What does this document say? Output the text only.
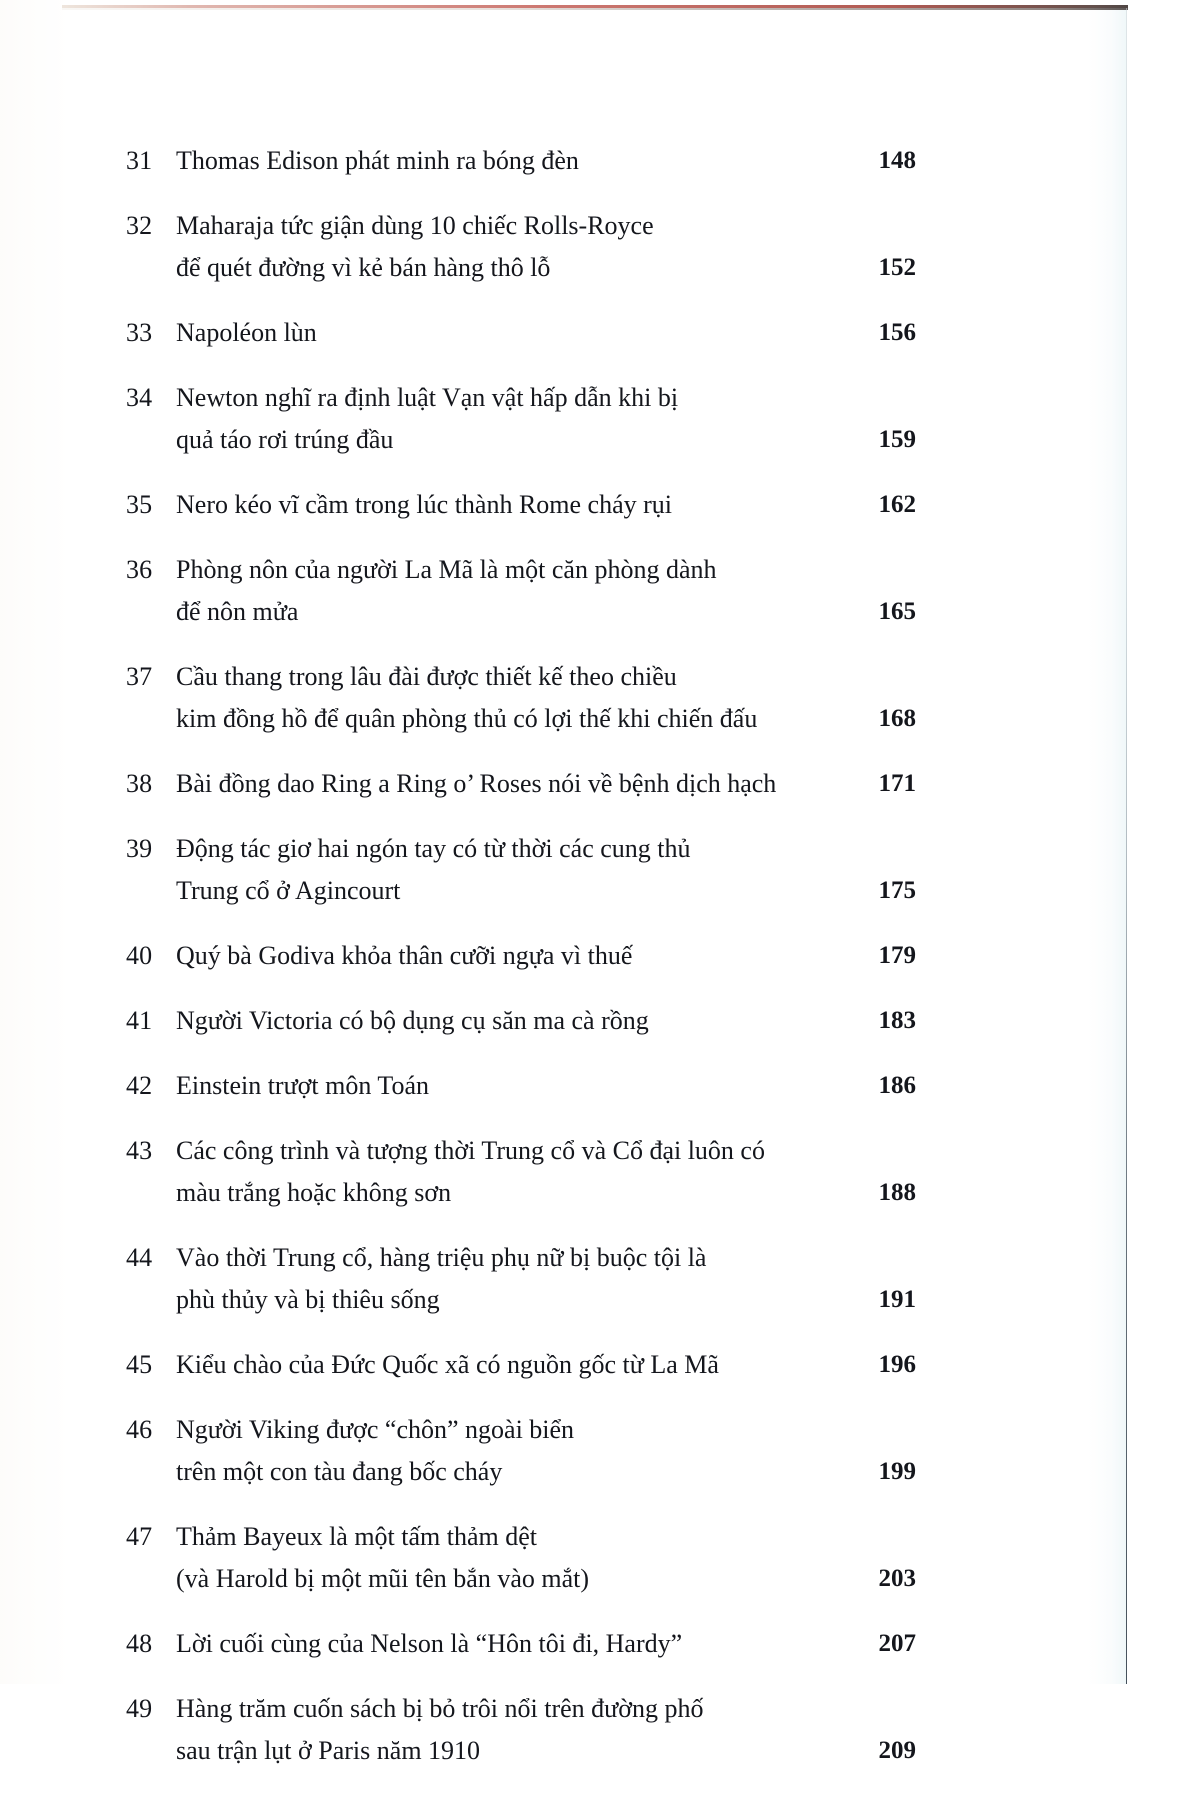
31 Thomas Edison phát minh ra bóng đèn	148
32 Maharaja tức giận dùng 10 chiếc Rolls-Royce
để quét đường vì kẻ bán hàng thô lỗ	152
33 Napoléon lùn	156
34 Newton nghĩ ra định luật Vạn vật hấp dẫn khi bị
quả táo rơi trúng đầu	159
35 Nero kéo vĩ cầm trong lúc thành Rome cháy rụi	162
36 Phòng nôn của người La Mã là một căn phòng dành
để nôn mửa	165
37 Cầu thang trong lâu đài được thiết kế theo chiều
kim đồng hồ để quân phòng thủ có lợi thế khi chiến đấu	168
38 Bài đồng dao Ring a Ring o’ Roses nói về bệnh dịch hạch	171
39 Động tác giơ hai ngón tay có từ thời các cung thủ
Trung cổ ở Agincourt	175
40 Quý bà Godiva khỏa thân cưỡi ngựa vì thuế	179
41 Người Victoria có bộ dụng cụ săn ma cà rồng	183
42 Einstein trượt môn Toán	186
43 Các công trình và tượng thời Trung cổ và Cổ đại luôn có
màu trắng hoặc không sơn	188
44 Vào thời Trung cổ, hàng triệu phụ nữ bị buộc tội là
phù thủy và bị thiêu sống	191
45 Kiểu chào của Đức Quốc xã có nguồn gốc từ La Mã	196
46 Người Viking được “chôn” ngoài biển
trên một con tàu đang bốc cháy	199
47 Thảm Bayeux là một tấm thảm dệt
(và Harold bị một mũi tên bắn vào mắt)	203
48 Lời cuối cùng của Nelson là “Hôn tôi đi, Hardy”	207
49 Hàng trăm cuốn sách bị bỏ trôi nổi trên đường phố
sau trận lụt ở Paris năm 1910	209
